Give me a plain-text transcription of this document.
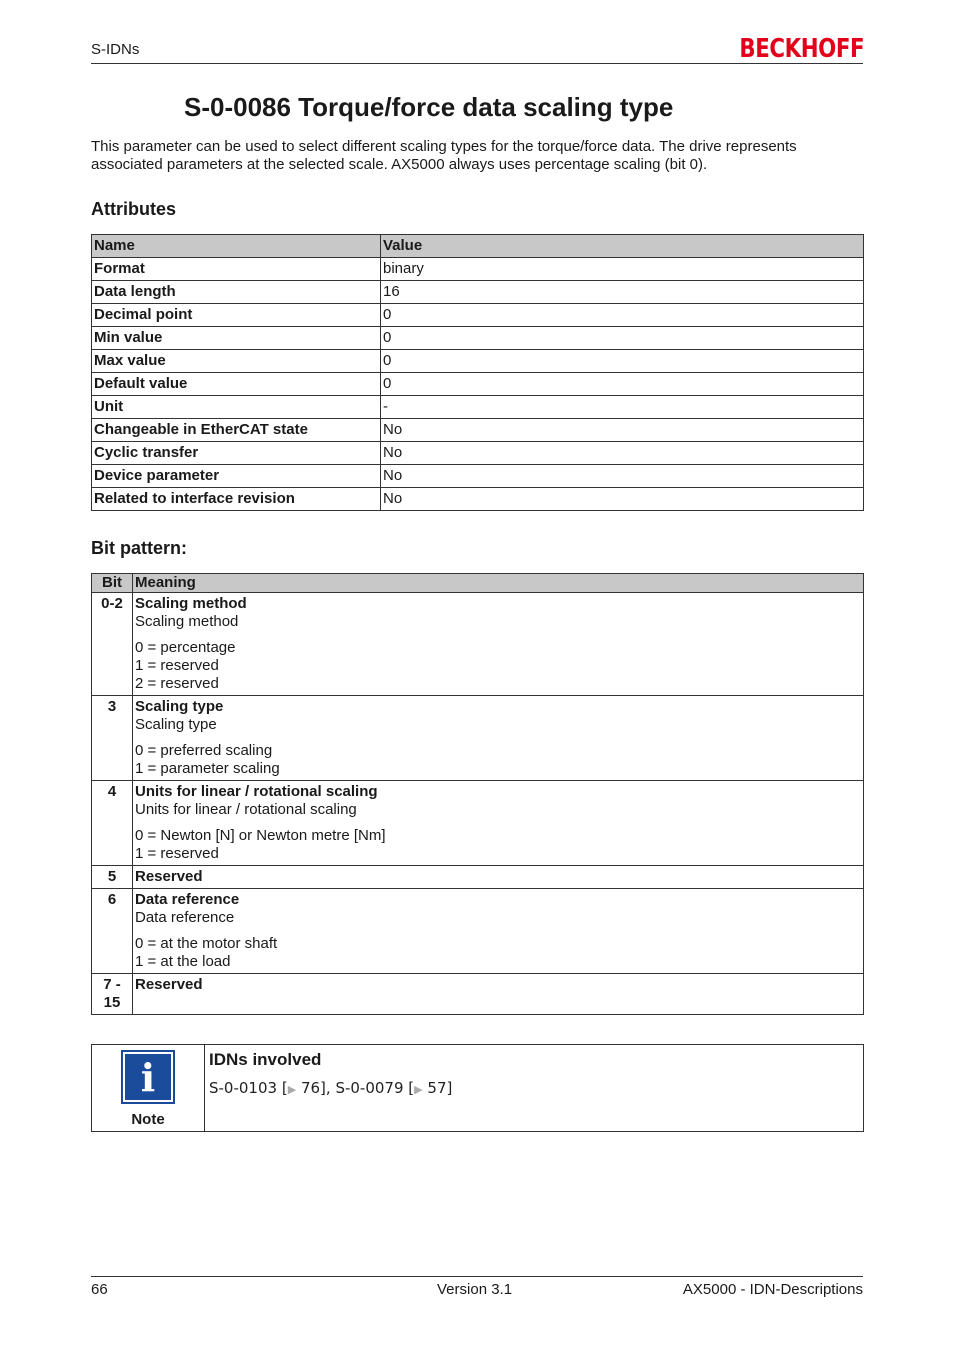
S-IDNs	BECKHOFF
S-0-0086 Torque/force data scaling type

This parameter can be used to select different scaling types for the torque/force data. The drive represents associated parameters at the selected scale. AX5000 always uses percentage scaling (bit 0).

Attributes
Name	Value
Format	binary
Data length	16
Decimal point	0
Min value	0
Max value	0
Default value	0
Unit	-
Changeable in EtherCAT state	No
Cyclic transfer	No
Device parameter	No
Related to interface revision	No
Bit pattern:
Bit	Meaning
0-2	Scaling method
Scaling method
0 = percentage
1 = reserved
2 = reserved

3	Scaling type
Scaling type
0 = preferred scaling
1 = parameter scaling

4	Units for linear / rotational scaling
Units for linear / rotational scaling
0 = Newton [N] or Newton metre [Nm]
1 = reserved

5	Reserved

6	Data reference
Data reference
0 = at the motor shaft
1 = at the load

7 - 15	Reserved
i
Note
IDNs involved
S-0-0103 [▶ 76], S-0-0079 [▶ 57]
66	Version 3.1	AX5000 - IDN-Descriptions
